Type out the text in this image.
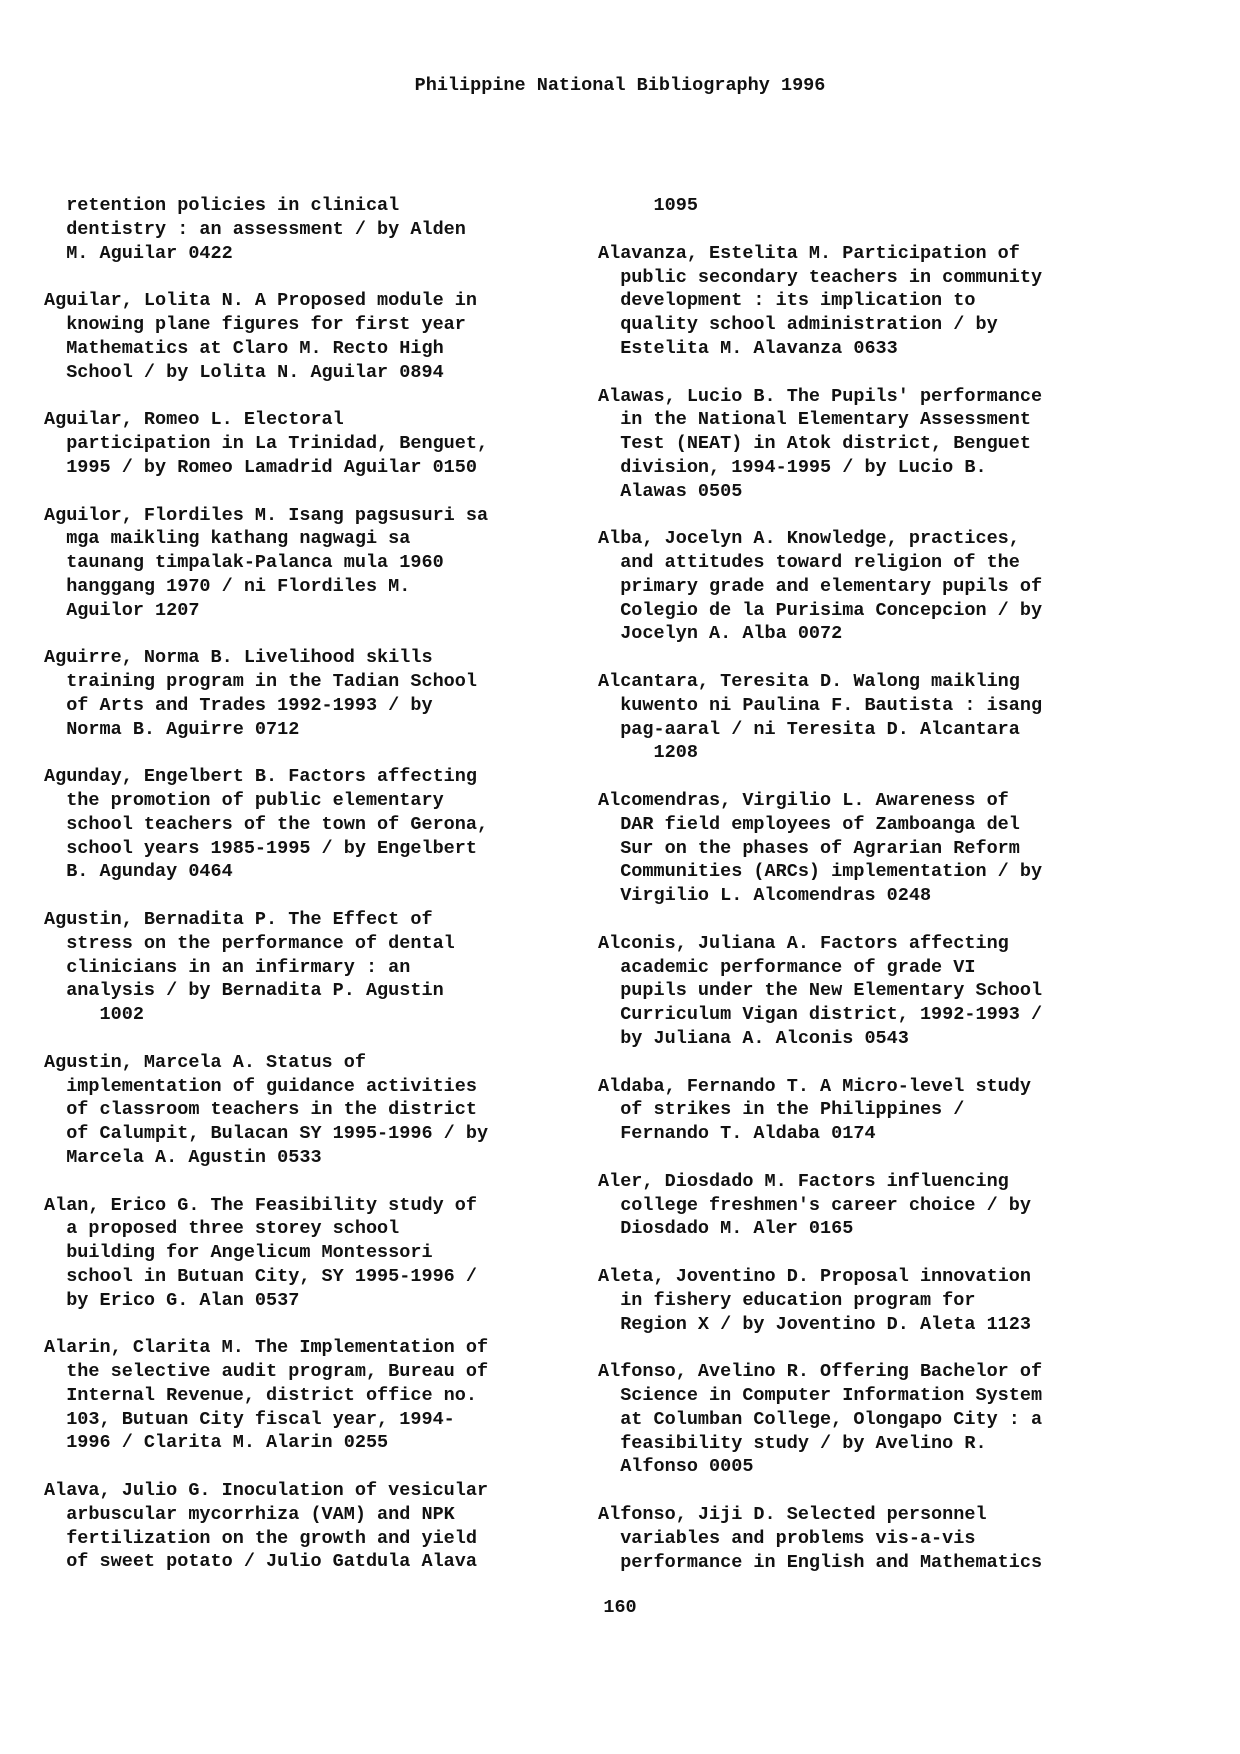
Philippine National Bibliography 1996
retention policies in clinical
dentistry : an assessment / by Alden
M. Aguilar 0422
Aguilar, Lolita N. A Proposed module in
knowing plane figures for first year
Mathematics at Claro M. Recto High
School / by Lolita N. Aguilar 0894
Aguilar, Romeo L. Electoral
participation in La Trinidad, Benguet,
1995 / by Romeo Lamadrid Aguilar 0150
Aguilor, Flordiles M. Isang pagsusuri sa
mga maikling kathang nagwagi sa
taunang timpalak-Palanca mula 1960
hanggang 1970 / ni Flordiles M.
Aguilor 1207
Aguirre, Norma B. Livelihood skills
training program in the Tadian School
of Arts and Trades 1992-1993 / by
Norma B. Aguirre 0712
Agunday, Engelbert B. Factors affecting
the promotion of public elementary
school teachers of the town of Gerona,
school years 1985-1995 / by Engelbert
B. Agunday 0464
Agustin, Bernadita P. The Effect of
stress on the performance of dental
clinicians in an infirmary : an
analysis / by Bernadita P. Agustin
1002
Agustin, Marcela A. Status of
implementation of guidance activities
of classroom teachers in the district
of Calumpit, Bulacan SY 1995-1996 / by
Marcela A. Agustin 0533
Alan, Erico G. The Feasibility study of
a proposed three storey school
building for Angelicum Montessori
school in Butuan City, SY 1995-1996 /
by Erico G. Alan 0537
Alarin, Clarita M. The Implementation of
the selective audit program, Bureau of
Internal Revenue, district office no.
103, Butuan City fiscal year, 1994-
1996 / Clarita M. Alarin 0255
Alava, Julio G. Inoculation of vesicular
arbuscular mycorrhiza (VAM) and NPK
fertilization on the growth and yield
of sweet potato / Julio Gatdula Alava
1095
Alavanza, Estelita M. Participation of
public secondary teachers in community
development : its implication to
quality school administration / by
Estelita M. Alavanza 0633
Alawas, Lucio B. The Pupils' performance
in the National Elementary Assessment
Test (NEAT) in Atok district, Benguet
division, 1994-1995 / by Lucio B.
Alawas 0505
Alba, Jocelyn A. Knowledge, practices,
and attitudes toward religion of the
primary grade and elementary pupils of
Colegio de la Purisima Concepcion / by
Jocelyn A. Alba 0072
Alcantara, Teresita D. Walong maikling
kuwento ni Paulina F. Bautista : isang
pag-aaral / ni Teresita D. Alcantara
1208
Alcomendras, Virgilio L. Awareness of
DAR field employees of Zamboanga del
Sur on the phases of Agrarian Reform
Communities (ARCs) implementation / by
Virgilio L. Alcomendras 0248
Alconis, Juliana A. Factors affecting
academic performance of grade VI
pupils under the New Elementary School
Curriculum Vigan district, 1992-1993 /
by Juliana A. Alconis 0543
Aldaba, Fernando T. A Micro-level study
of strikes in the Philippines /
Fernando T. Aldaba 0174
Aler, Diosdado M. Factors influencing
college freshmen's career choice / by
Diosdado M. Aler 0165
Aleta, Joventino D. Proposal innovation
in fishery education program for
Region X / by Joventino D. Aleta 1123
Alfonso, Avelino R. Offering Bachelor of
Science in Computer Information System
at Columban College, Olongapo City : a
feasibility study / by Avelino R.
Alfonso 0005
Alfonso, Jiji D. Selected personnel
variables and problems vis-a-vis
performance in English and Mathematics
160
